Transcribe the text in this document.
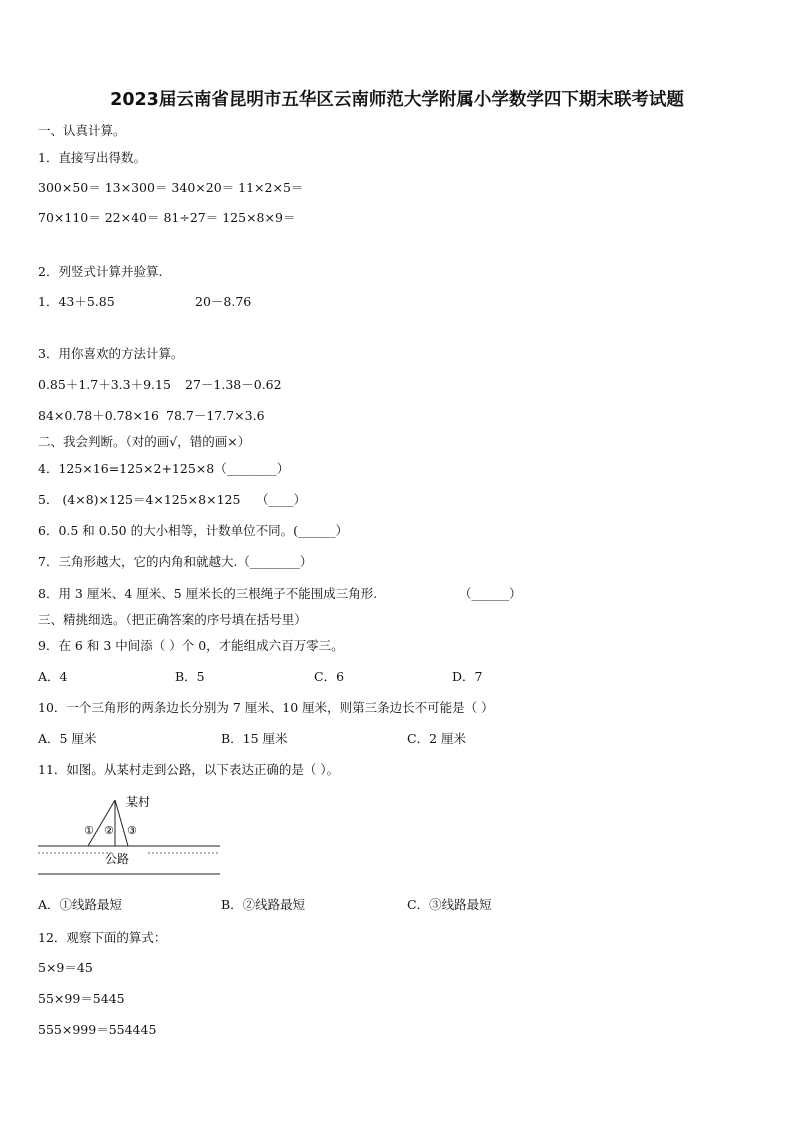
2023届云南省昆明市五华区云南师范大学附属小学数学四下期末联考试题
一、认真计算。
1．直接写出得数。
300×50＝ 13×300＝ 340×20＝ 11×2×5＝
70×110＝ 22×40＝ 81÷27＝ 125×8×9＝
2．列竖式计算并验算.
1．43＋5.85	20－8.76
3．用你喜欢的方法计算。
0.85＋1.7＋3.3＋9.15 27－1.38－0.62
84×0.78＋0.78×16 78.7－17.7×3.6
二、我会判断。（对的画√，错的画×）
4．125×16=125×2+125×8（________）
5． (4×8)×125＝4×125×8×125 （____）
6．0.5 和 0.50 的大小相等，计数单位不同。(______）
7．三角形越大，它的内角和就越大.（________）
8．用 3 厘米、4 厘米、5 厘米长的三根绳子不能围成三角形.	（______）
三、精挑细选。（把正确答案的序号填在括号里）
9．在 6 和 3 中间添（ ）个 0，才能组成六百万零三。
A．4	B．5	C．6	D．7
10．一个三角形的两条边长分别为 7 厘米、10 厘米，则第三条边长不可能是（ ）
A．5 厘米	B．15 厘米	C．2 厘米
11．如图。从某村走到公路，以下表达正确的是（ ）。
某村
公路
① ② ③
A．①线路最短	B．②线路最短	C．③线路最短
12．观察下面的算式：
5×9＝45
55×99＝5445
555×999＝554445
